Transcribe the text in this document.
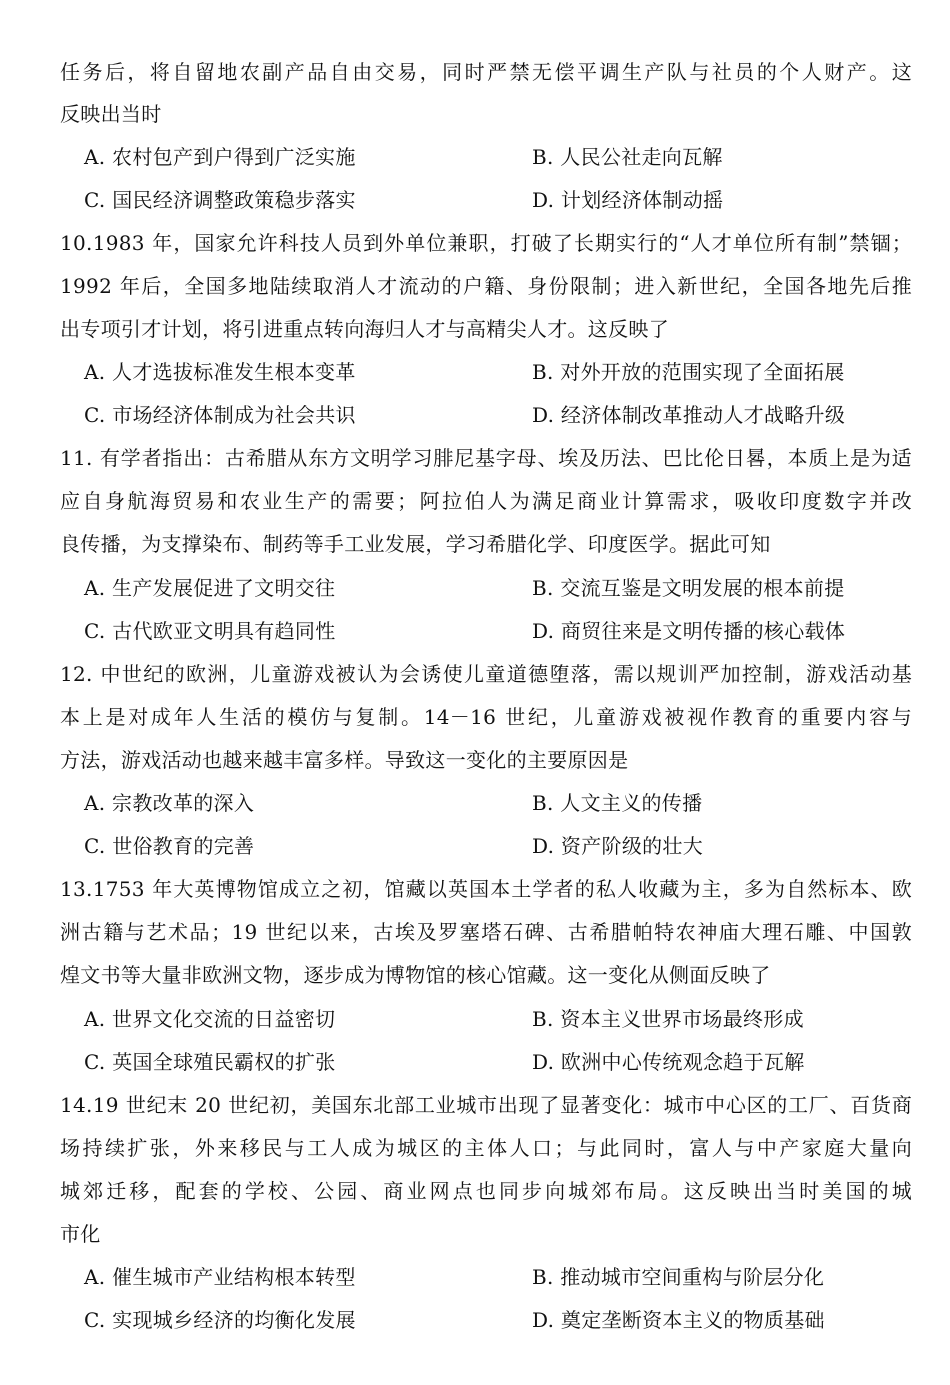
任务后，将自留地农副产品自由交易，同时严禁无偿平调生产队与社员的个人财产。这
反映出当时
A. 农村包产到户得到广泛实施	B. 人民公社走向瓦解
C. 国民经济调整政策稳步落实	D. 计划经济体制动摇
10.1983 年，国家允许科技人员到外单位兼职，打破了长期实行的“人才单位所有制”禁锢；
1992 年后，全国多地陆续取消人才流动的户籍、身份限制；进入新世纪，全国各地先后推
出专项引才计划，将引进重点转向海归人才与高精尖人才。这反映了
A. 人才选拔标准发生根本变革	B. 对外开放的范围实现了全面拓展
C. 市场经济体制成为社会共识	D. 经济体制改革推动人才战略升级
11. 有学者指出：古希腊从东方文明学习腓尼基字母、埃及历法、巴比伦日晷，本质上是为适
应自身航海贸易和农业生产的需要；阿拉伯人为满足商业计算需求，吸收印度数字并改
良传播，为支撑染布、制药等手工业发展，学习希腊化学、印度医学。据此可知
A. 生产发展促进了文明交往	B. 交流互鉴是文明发展的根本前提
C. 古代欧亚文明具有趋同性	D. 商贸往来是文明传播的核心载体
12. 中世纪的欧洲，儿童游戏被认为会诱使儿童道德堕落，需以规训严加控制，游戏活动基
本上是对成年人生活的模仿与复制。14－16 世纪，儿童游戏被视作教育的重要内容与
方法，游戏活动也越来越丰富多样。导致这一变化的主要原因是
A. 宗教改革的深入	B. 人文主义的传播
C. 世俗教育的完善	D. 资产阶级的壮大
13.1753 年大英博物馆成立之初，馆藏以英国本土学者的私人收藏为主，多为自然标本、欧
洲古籍与艺术品；19 世纪以来，古埃及罗塞塔石碑、古希腊帕特农神庙大理石雕、中国敦
煌文书等大量非欧洲文物，逐步成为博物馆的核心馆藏。这一变化从侧面反映了
A. 世界文化交流的日益密切	B. 资本主义世界市场最终形成
C. 英国全球殖民霸权的扩张	D. 欧洲中心传统观念趋于瓦解
14.19 世纪末 20 世纪初，美国东北部工业城市出现了显著变化：城市中心区的工厂、百货商
场持续扩张，外来移民与工人成为城区的主体人口；与此同时，富人与中产家庭大量向
城郊迁移，配套的学校、公园、商业网点也同步向城郊布局。这反映出当时美国的城
市化
A. 催生城市产业结构根本转型	B. 推动城市空间重构与阶层分化
C. 实现城乡经济的均衡化发展	D. 奠定垄断资本主义的物质基础
